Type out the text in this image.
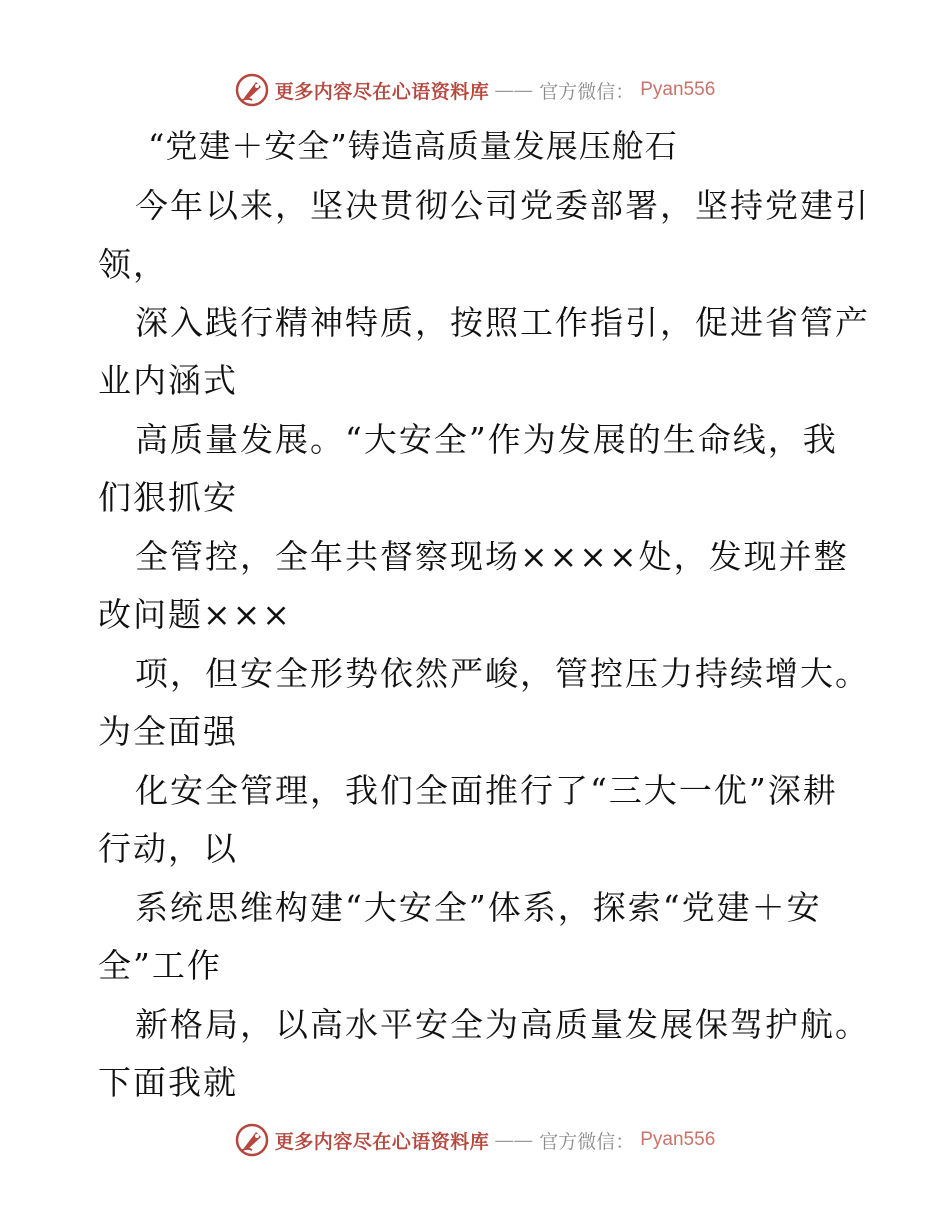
更多内容尽在心语资料库 —— 官方微信： Pyan556
“党建＋安全”铸造高质量发展压舱石
今年以来，坚决贯彻公司党委部署，坚持党建引
领，
深入践行精神特质，按照工作指引，促进省管产
业内涵式
高质量发展。“大安全”作为发展的生命线，我
们狠抓安
全管控，全年共督察现场××××处，发现并整
改问题×××
项，但安全形势依然严峻，管控压力持续增大。
为全面强
化安全管理，我们全面推行了“三大一优”深耕
行动，以
系统思维构建“大安全”体系，探索“党建＋安
全”工作
新格局，以高水平安全为高质量发展保驾护航。
下面我就
更多内容尽在心语资料库 —— 官方微信： Pyan556
